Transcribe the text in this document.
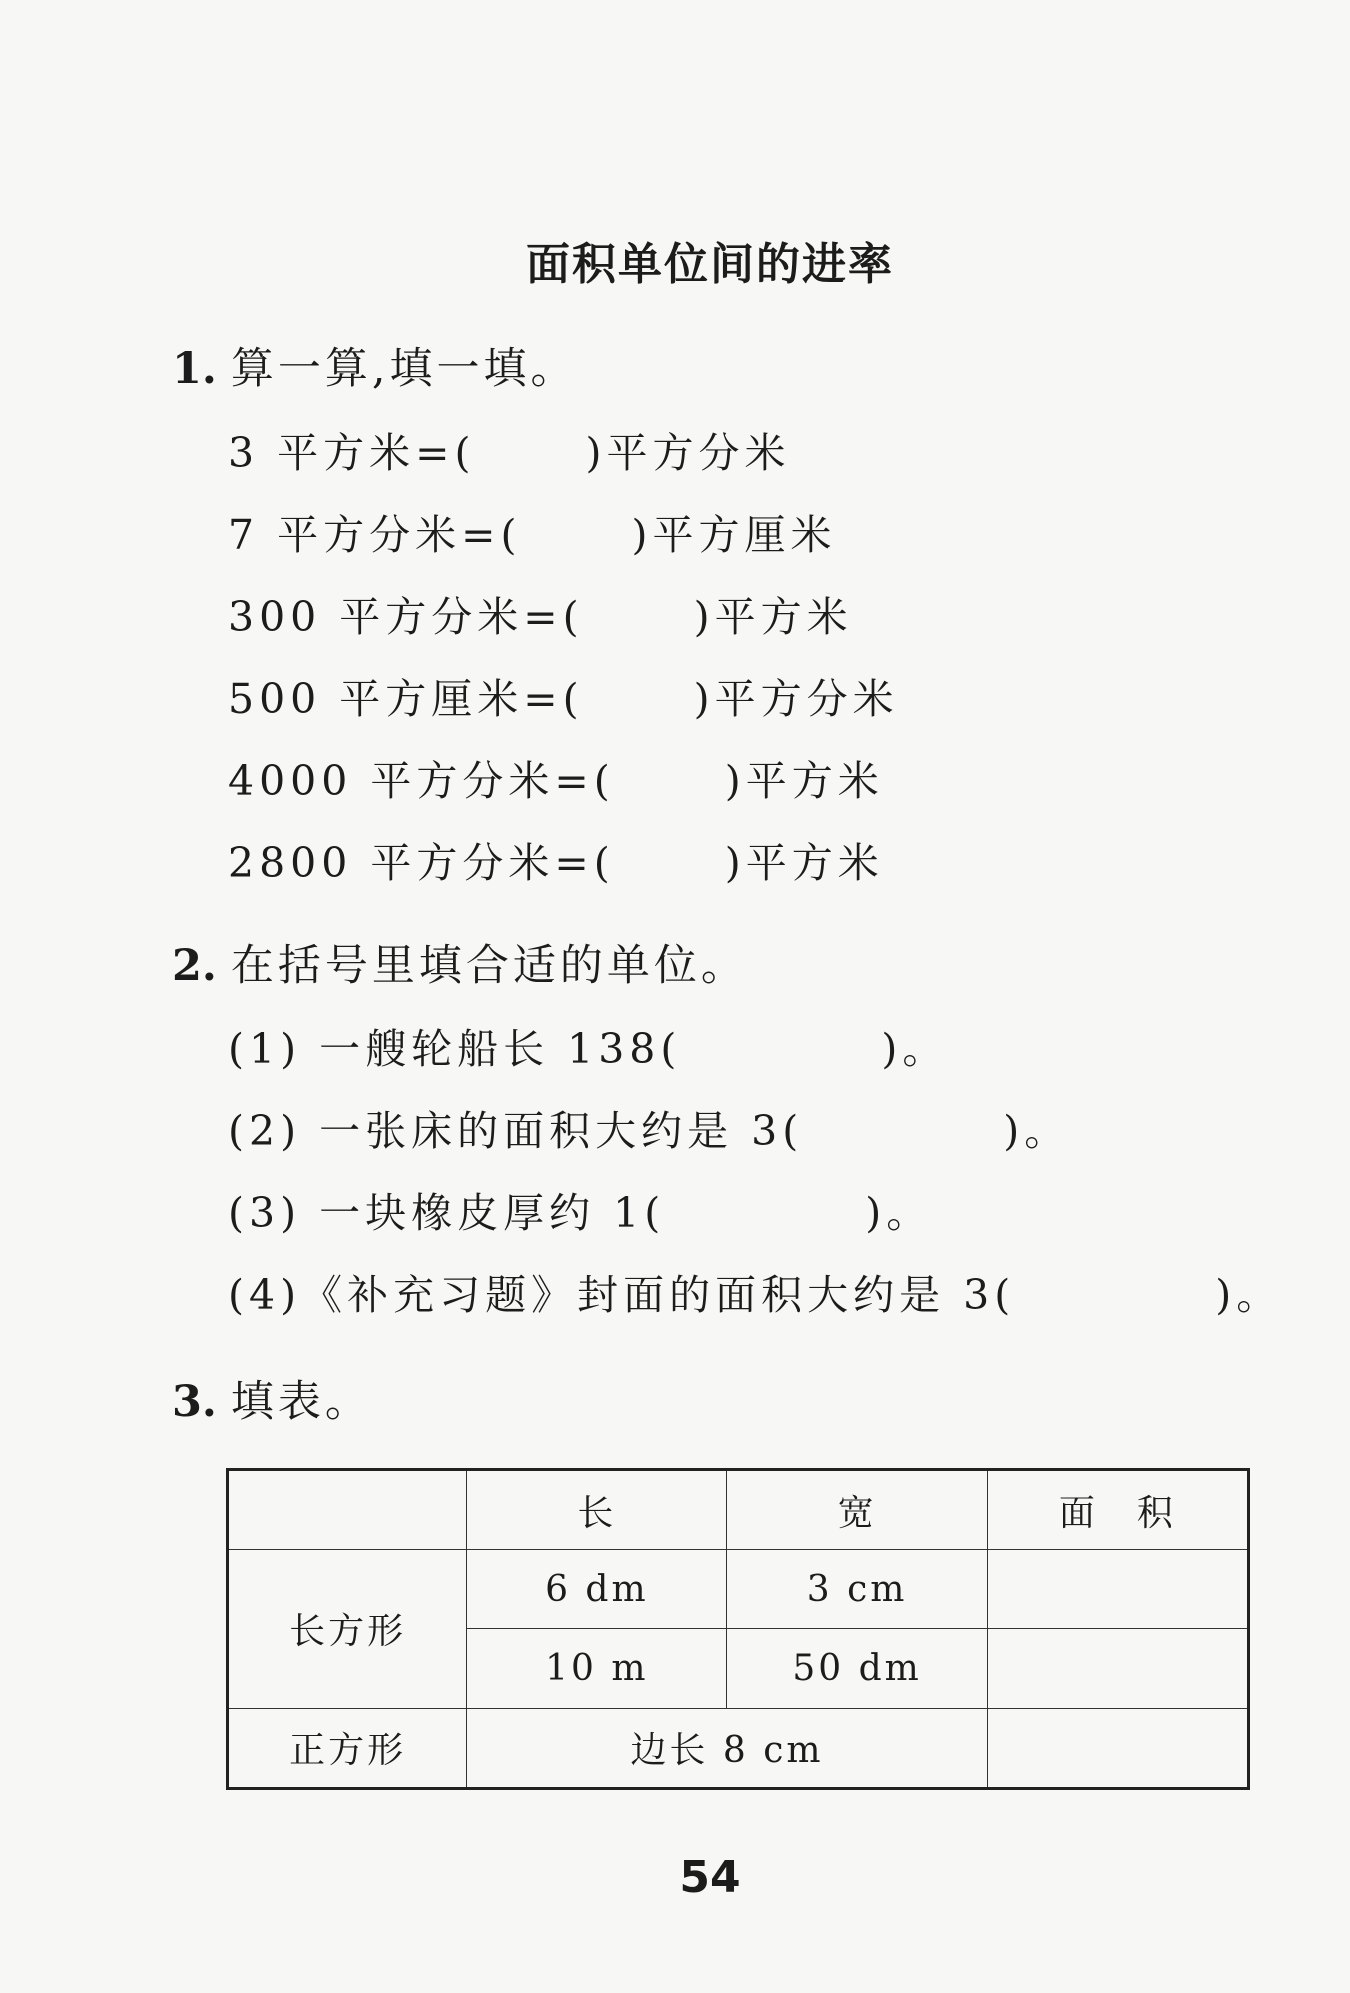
面积单位间的进率
1. 算一算,填一填。
3 平方米=(	)平方分米
7 平方分米=(	)平方厘米
300 平方分米=(	)平方米
500 平方厘米=(	)平方分米
4000 平方分米=(	)平方米
2800 平方分米=(	)平方米
2. 在括号里填合适的单位。
(1) 一艘轮船长 138(	)。
(2) 一张床的面积大约是 3(	)。
(3) 一块橡皮厚约 1(	)。
(4)《补充习题》封面的面积大约是 3(	)。
3. 填表。
	长	宽	面　积
长方形	6 dm	3 cm	
	10 m	50 dm	
正方形	边长 8 cm		
54
